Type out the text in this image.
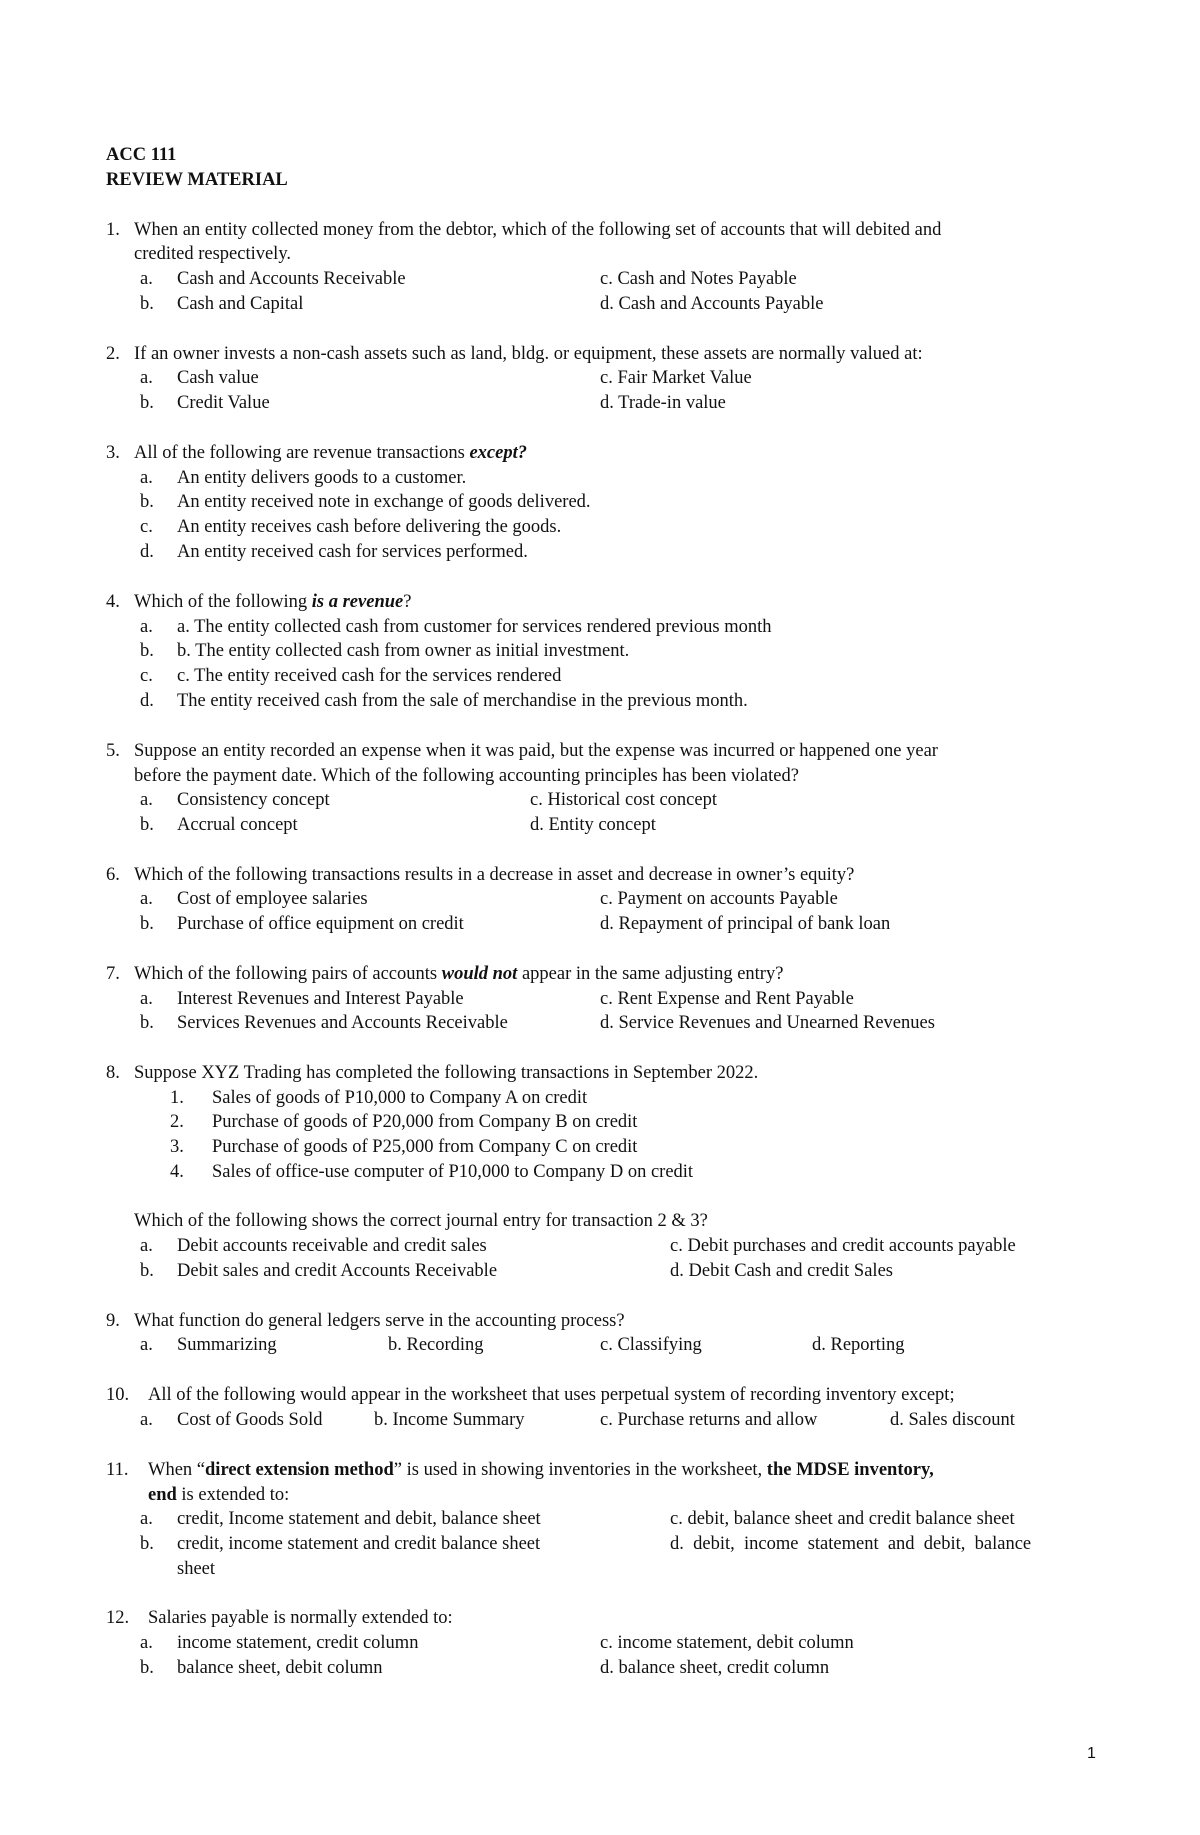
ACC 111
REVIEW MATERIAL
1. When an entity collected money from the debtor, which of the following set of accounts that will debited and
credited respectively.
a. Cash and Accounts Receivable
b. Cash and Capital
c. Cash and Notes Payable
d. Cash and Accounts Payable
2. If an owner invests a non-cash assets such as land, bldg. or equipment, these assets are normally valued at:
a. Cash value
b. Credit Value
c. Fair Market Value
d. Trade-in value
3. All of the following are revenue transactions except?
a. An entity delivers goods to a customer.
b. An entity received note in exchange of goods delivered.
c. An entity receives cash before delivering the goods.
d. An entity received cash for services performed.
4. Which of the following is a revenue?
a. a. The entity collected cash from customer for services rendered previous month
b. b. The entity collected cash from owner as initial investment.
c. c. The entity received cash for the services rendered
d. The entity received cash from the sale of merchandise in the previous month.
5. Suppose an entity recorded an expense when it was paid, but the expense was incurred or happened one year
before the payment date. Which of the following accounting principles has been violated?
a. Consistency concept
b. Accrual concept
c. Historical cost concept
d. Entity concept
6. Which of the following transactions results in a decrease in asset and decrease in owner’s equity?
a. Cost of employee salaries
b. Purchase of office equipment on credit
c. Payment on accounts Payable
d. Repayment of principal of bank loan
7. Which of the following pairs of accounts would not appear in the same adjusting entry?
a. Interest Revenues and Interest Payable
b. Services Revenues and Accounts Receivable
c. Rent Expense and Rent Payable
d. Service Revenues and Unearned Revenues
8. Suppose XYZ Trading has completed the following transactions in September 2022.
1. Sales of goods of P10,000 to Company A on credit
2. Purchase of goods of P20,000 from Company B on credit
3. Purchase of goods of P25,000 from Company C on credit
4. Sales of office-use computer of P10,000 to Company D on credit
Which of the following shows the correct journal entry for transaction 2 & 3?
a. Debit accounts receivable and credit sales
b. Debit sales and credit Accounts Receivable
c. Debit purchases and credit accounts payable
d. Debit Cash and credit Sales
9. What function do general ledgers serve in the accounting process?
a. Summarizing	b. Recording	c. Classifying	d. Reporting
10. All of the following would appear in the worksheet that uses perpetual system of recording inventory except;
a. Cost of Goods Sold	b. Income Summary	c. Purchase returns and allow	d. Sales discount
11. When “direct extension method” is used in showing inventories in the worksheet, the MDSE inventory,
end is extended to:
a. credit, Income statement and debit, balance sheet
b. credit, income statement and credit balance sheet
c. debit, balance sheet and credit balance sheet
d.  debit,  income  statement  and  debit,  balance
sheet
12. Salaries payable is normally extended to:
a. income statement, credit column
b. balance sheet, debit column
c. income statement, debit column
d. balance sheet, credit column
1
